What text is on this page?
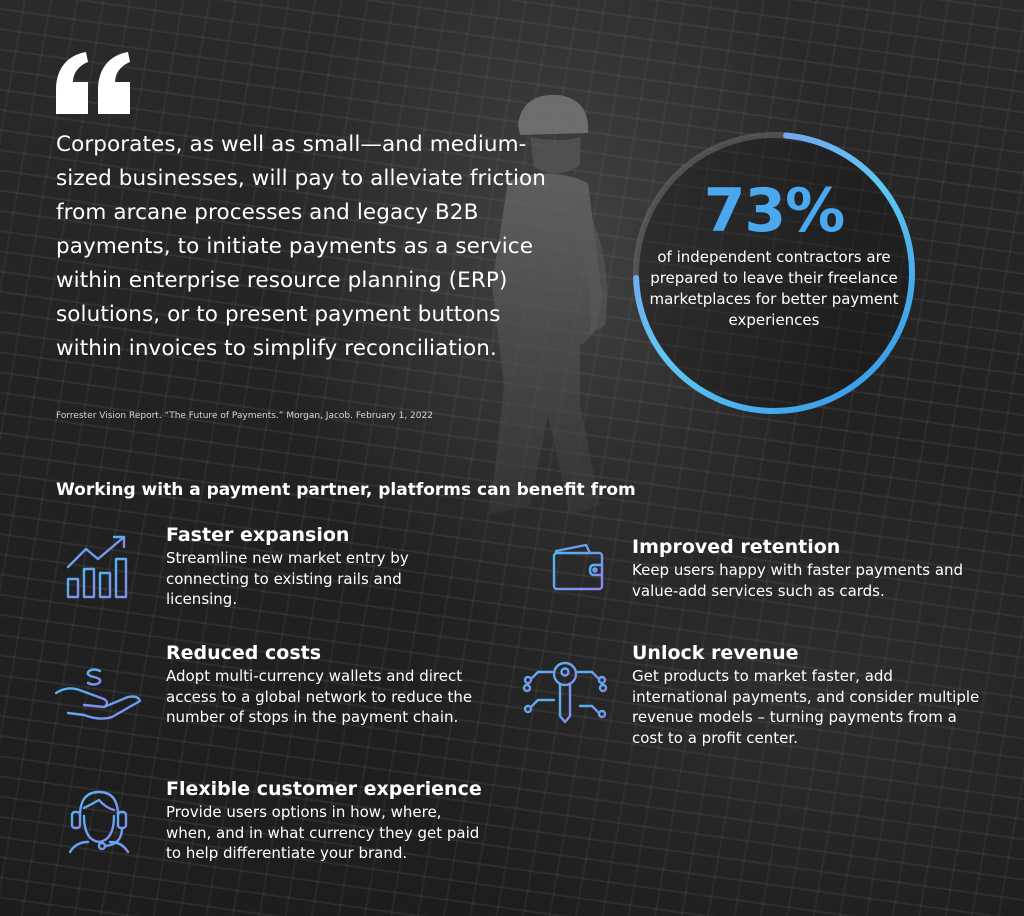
Corporates, as well as small—and medium-sized businesses, will pay to alleviate friction from arcane processes and legacy B2B payments, to initiate payments as a service within enterprise resource planning (ERP) solutions, or to present payment buttons within invoices to simplify reconciliation.

Forrester Vision Report. “The Future of Payments.” Morgan, Jacob. February 1, 2022
73%
of independent contractors are prepared to leave their freelance marketplaces for better payment experiences
Working with a payment partner, platforms can benefit from
Faster expansion
Streamline new market entry by connecting to existing rails and licensing.
Improved retention
Keep users happy with faster payments and value-add services such as cards.
Reduced costs
Adopt multi-currency wallets and direct access to a global network to reduce the number of stops in the payment chain.
Unlock revenue
Get products to market faster, add international payments, and consider multiple revenue models – turning payments from a cost to a profit center.
Flexible customer experience
Provide users options in how, where, when, and in what currency they get paid to help differentiate your brand.
